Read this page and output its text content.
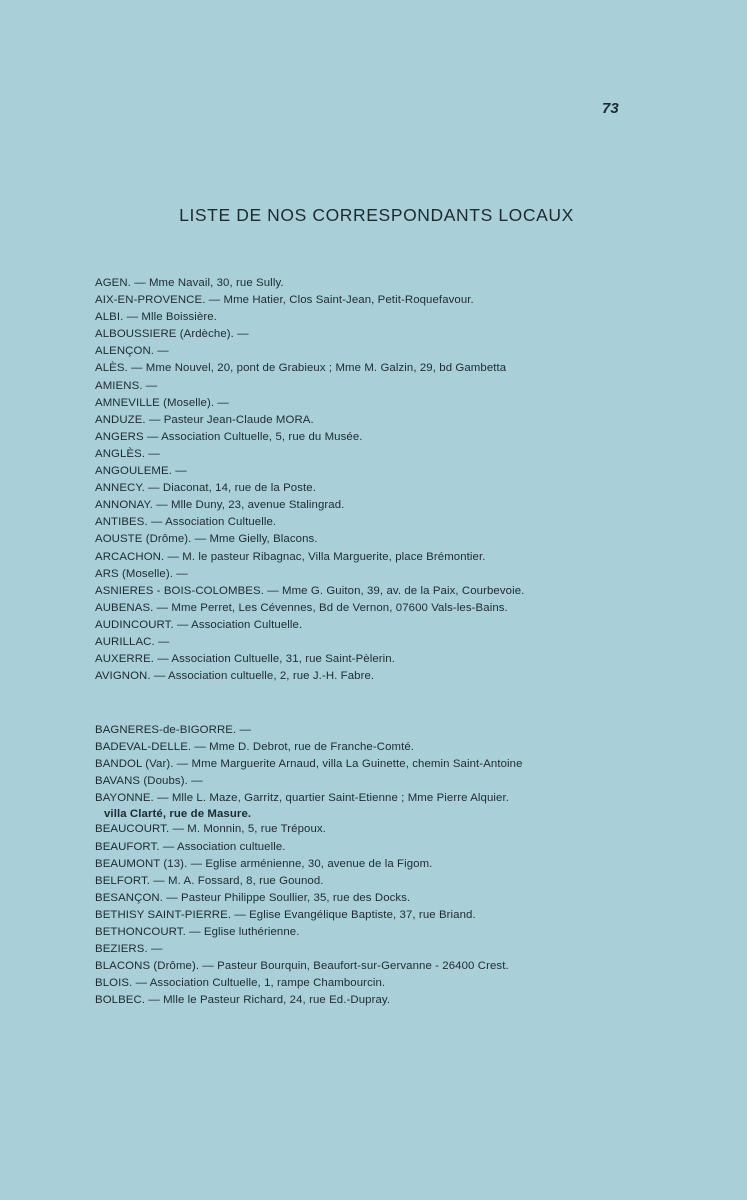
73
LISTE DE NOS CORRESPONDANTS LOCAUX
AGEN. — Mme Navail, 30, rue Sully.
AIX-EN-PROVENCE. — Mme Hatier, Clos Saint-Jean, Petit-Roquefavour.
ALBI. — Mlle Boissière.
ALBOUSSIERE (Ardèche). —
ALENÇON. —
ALÈS. — Mme Nouvel, 20, pont de Grabieux ; Mme M. Galzin, 29, bd Gambetta
AMIENS. —
AMNEVILLE (Moselle). —
ANDUZE. — Pasteur Jean-Claude MORA.
ANGERS — Association Cultuelle, 5, rue du Musée.
ANGLÈS. —
ANGOULEME. —
ANNECY. — Diaconat, 14, rue de la Poste.
ANNONAY. — Mlle Duny, 23, avenue Stalingrad.
ANTIBES. — Association Cultuelle.
AOUSTE (Drôme). — Mme Gielly, Blacons.
ARCACHON. — M. le pasteur Ribagnac, Villa Marguerite, place Brémontier.
ARS (Moselle). —
ASNIERES - BOIS-COLOMBES. — Mme G. Guiton, 39, av. de la Paix, Courbevoie.
AUBENAS. — Mme Perret, Les Cévennes, Bd de Vernon, 07600 Vals-les-Bains.
AUDINCOURT. — Association Cultuelle.
AURILLAC. —
AUXERRE. — Association Cultuelle, 31, rue Saint-Pèlerin.
AVIGNON. — Association cultuelle, 2, rue J.-H. Fabre.
BAGNERES-de-BIGORRE. —
BADEVAL-DELLE. — Mme D. Debrot, rue de Franche-Comté.
BANDOL (Var). — Mme Marguerite Arnaud, villa La Guinette, chemin Saint-Antoine
BAVANS (Doubs). —
BAYONNE. — Mlle L. Maze, Garritz, quartier Saint-Etienne ; Mme Pierre Alquier.
villa Clarté, rue de Masure.
BEAUCOURT. — M. Monnin, 5, rue Trépoux.
BEAUFORT. — Association cultuelle.
BEAUMONT (13). — Eglise arménienne, 30, avenue de la Figom.
BELFORT. — M. A. Fossard, 8, rue Gounod.
BESANÇON. — Pasteur Philippe Soullier, 35, rue des Docks.
BETHISY SAINT-PIERRE. — Eglise Evangélique Baptiste, 37, rue Briand.
BETHONCOURT. — Eglise luthérienne.
BEZIERS. —
BLACONS (Drôme). — Pasteur Bourquin, Beaufort-sur-Gervanne - 26400 Crest.
BLOIS. — Association Cultuelle, 1, rampe Chambourcin.
BOLBEC. — Mlle le Pasteur Richard, 24, rue Ed.-Dupray.
